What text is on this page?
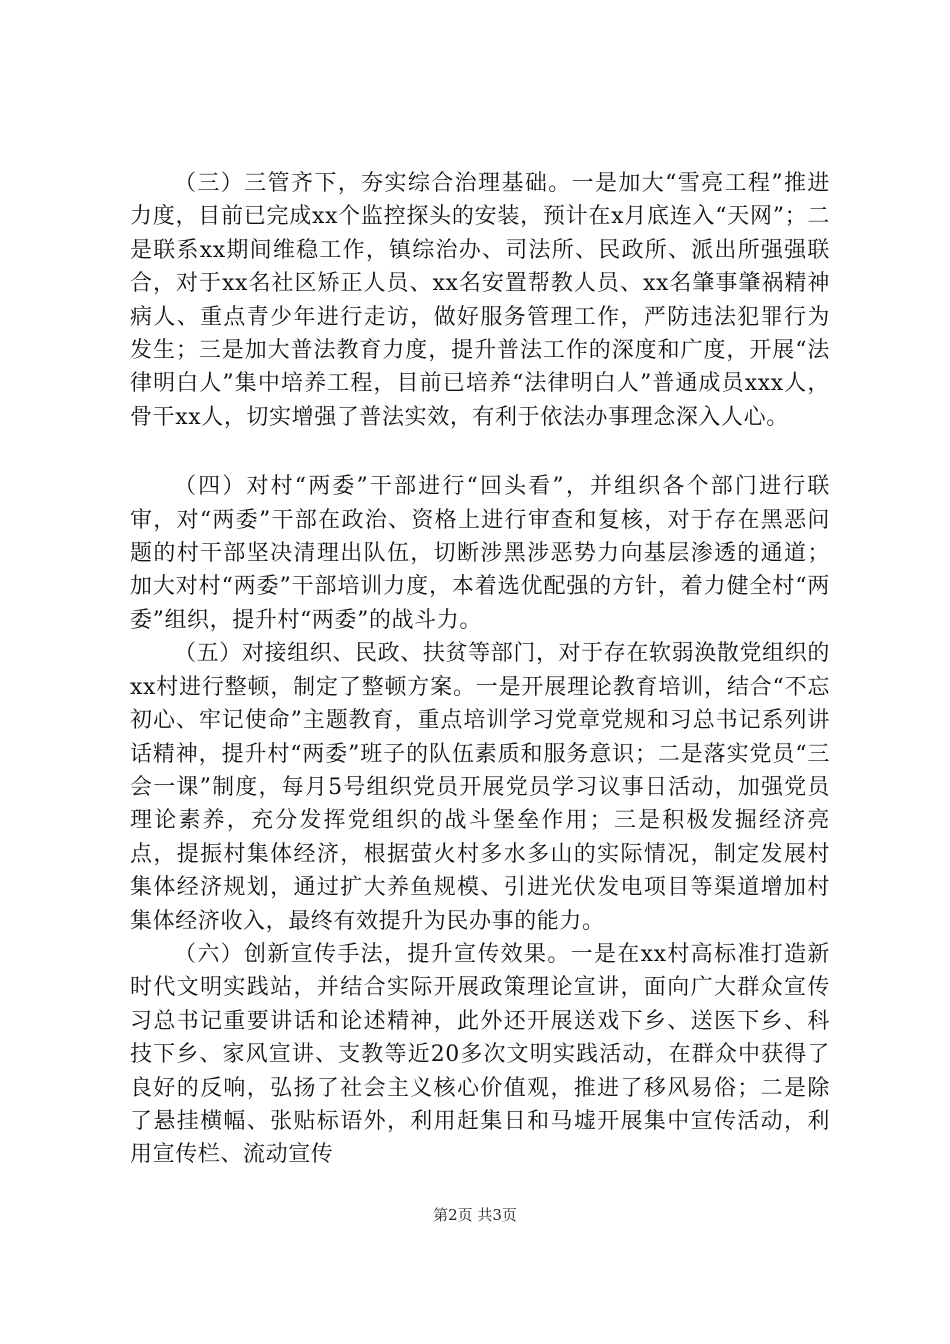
（三）三管齐下，夯实综合治理基础。一是加大“雪亮工程”推进力度，目前已完成xx个监控探头的安装，预计在x月底连入“天网”；二是联系xx期间维稳工作，镇综治办、司法所、民政所、派出所强强联合，对于xx名社区矫正人员、xx名安置帮教人员、xx名肇事肇祸精神病人、重点青少年进行走访，做好服务管理工作，严防违法犯罪行为发生；三是加大普法教育力度，提升普法工作的深度和广度，开展“法律明白人”集中培养工程，目前已培养“法律明白人”普通成员xxx人，骨干xx人，切实增强了普法实效，有利于依法办事理念深入人心。

（四）对村“两委”干部进行“回头看”，并组织各个部门进行联审，对“两委”干部在政治、资格上进行审查和复核，对于存在黑恶问题的村干部坚决清理出队伍，切断涉黑涉恶势力向基层渗透的通道；加大对村“两委”干部培训力度，本着选优配强的方针，着力健全村“两委”组织，提升村“两委”的战斗力。

（五）对接组织、民政、扶贫等部门，对于存在软弱涣散党组织的xx村进行整顿，制定了整顿方案。一是开展理论教育培训，结合“不忘初心、牢记使命”主题教育，重点培训学习党章党规和习总书记系列讲话精神，提升村“两委”班子的队伍素质和服务意识；二是落实党员“三会一课”制度，每月5号组织党员开展党员学习议事日活动，加强党员理论素养，充分发挥党组织的战斗堡垒作用；三是积极发掘经济亮点，提振村集体经济，根据萤火村多水多山的实际情况，制定发展村集体经济规划，通过扩大养鱼规模、引进光伏发电项目等渠道增加村集体经济收入，最终有效提升为民办事的能力。

（六）创新宣传手法，提升宣传效果。一是在xx村高标准打造新时代文明实践站，并结合实际开展政策理论宣讲，面向广大群众宣传习总书记重要讲话和论述精神，此外还开展送戏下乡、送医下乡、科技下乡、家风宣讲、支教等近20多次文明实践活动，在群众中获得了良好的反响，弘扬了社会主义核心价值观，推进了移风易俗；二是除了悬挂横幅、张贴标语外，利用赶集日和马墟开展集中宣传活动，利用宣传栏、流动宣传

第2页 共3页
